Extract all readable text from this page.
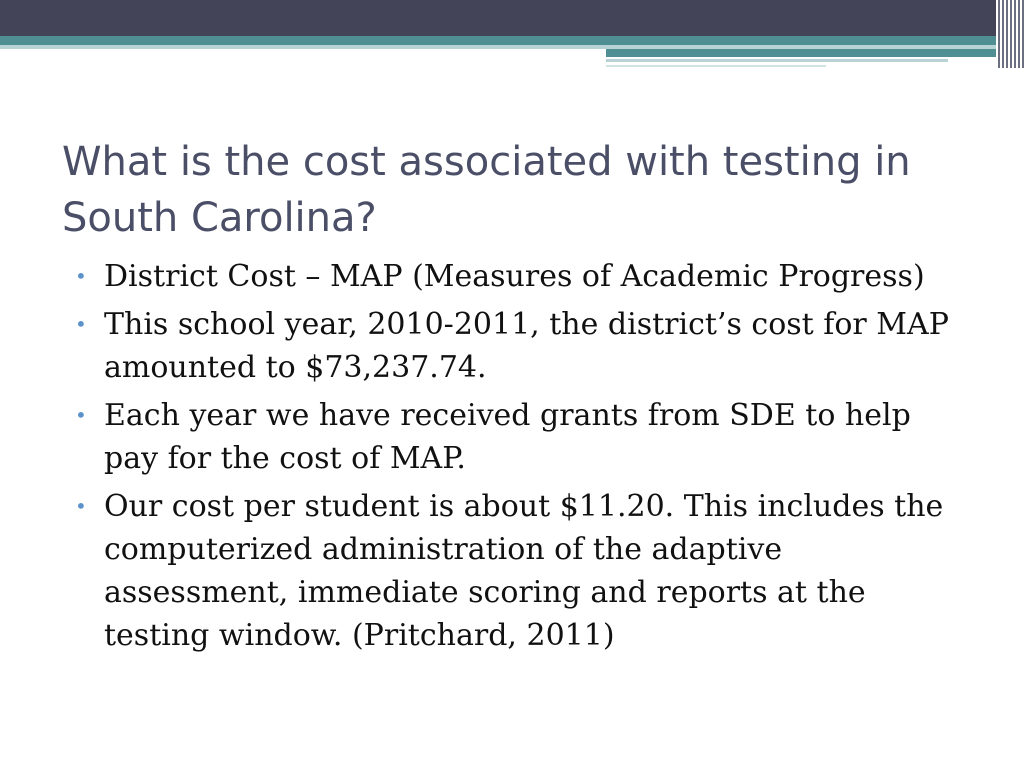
What is the cost associated with testing in South Carolina?
• District Cost – MAP (Measures of Academic Progress)
• This school year, 2010-2011, the district’s cost for MAP amounted to $73,237.74.
• Each year we have received grants from SDE to help pay for the cost of MAP.
• Our cost per student is about $11.20. This includes the computerized administration of the adaptive assessment, immediate scoring and reports at the testing window. (Pritchard, 2011)
